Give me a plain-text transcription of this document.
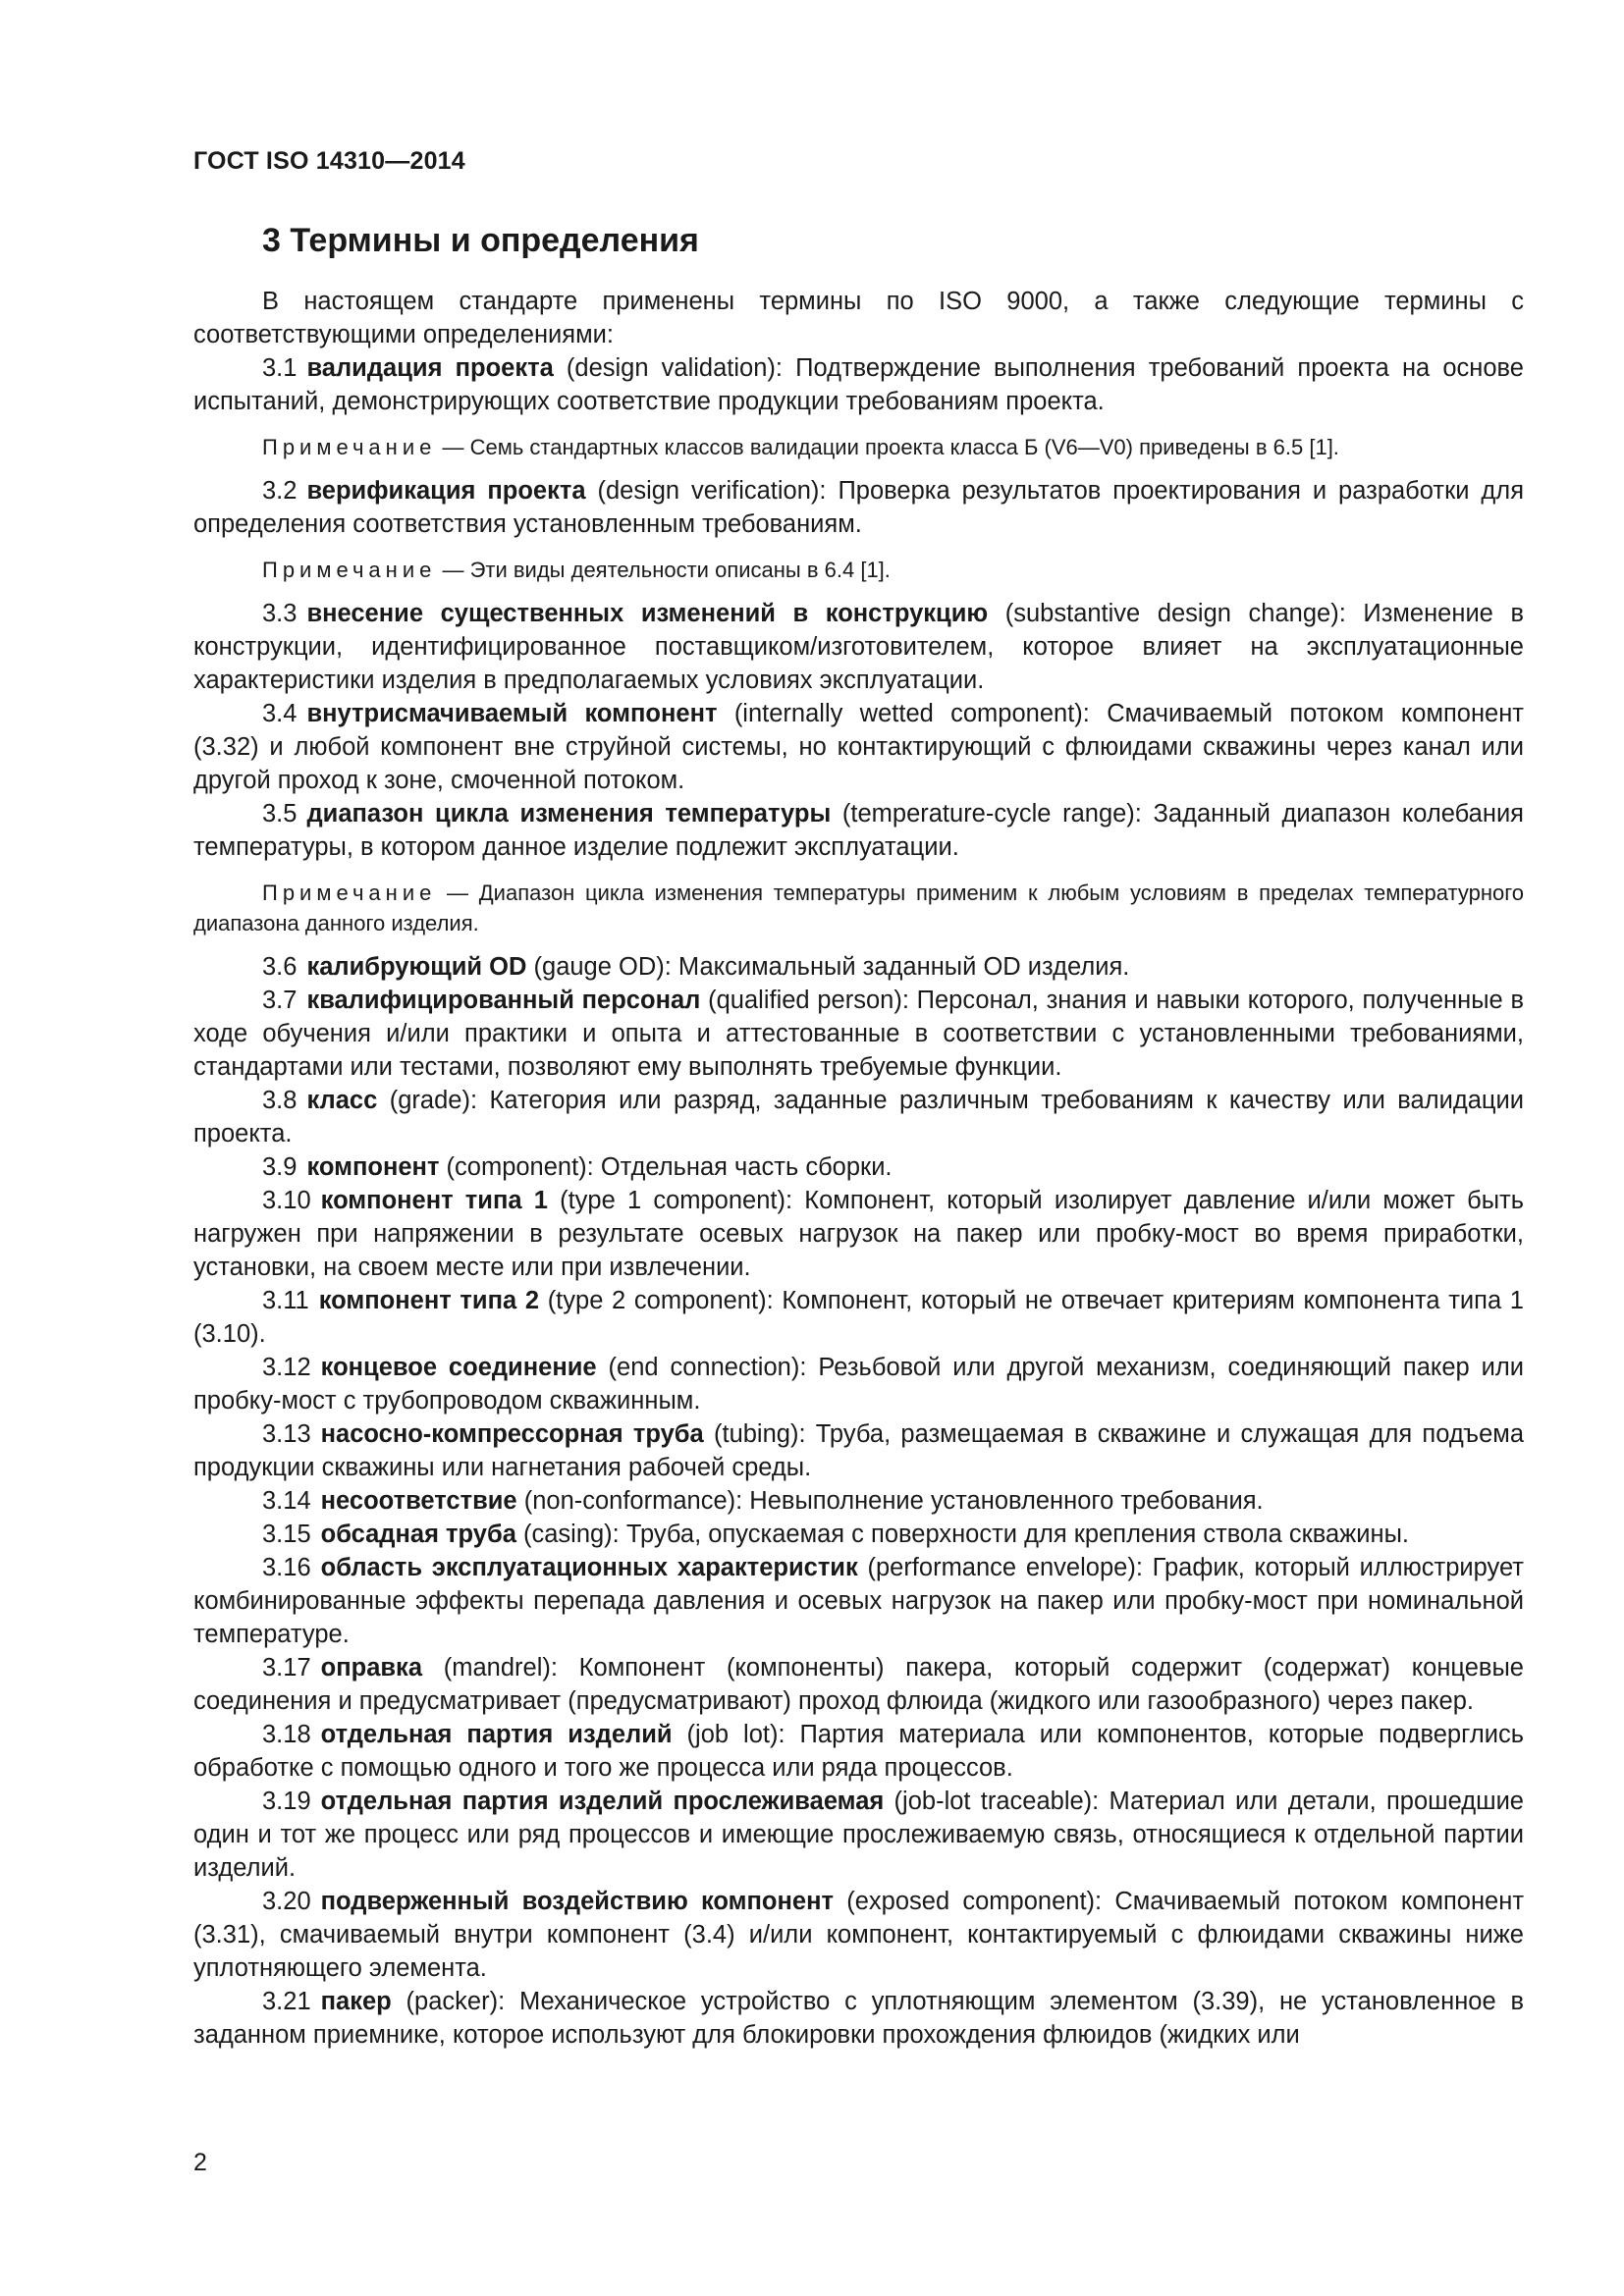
ГОСТ ISO 14310—2014
3 Термины и определения

В настоящем стандарте применены термины по ISO 9000, а также следующие термины с соответствующими определениями:

3.1 валидация проекта (design validation): Подтверждение выполнения требований проекта на основе испытаний, демонстрирующих соответствие продукции требованиям проекта.

Примечание — Семь стандартных классов валидации проекта класса Б (V6—V0) приведены в 6.5 [1].

3.2 верификация проекта (design verification): Проверка результатов проектирования и разработки для определения соответствия установленным требованиям.

Примечание — Эти виды деятельности описаны в 6.4 [1].

3.3 внесение существенных изменений в конструкцию (substantive design change): Изменение в конструкции, идентифицированное поставщиком/изготовителем, которое влияет на эксплуатационные характеристики изделия в предполагаемых условиях эксплуатации.

3.4 внутрисмачиваемый компонент (internally wetted component): Смачиваемый потоком компонент (3.32) и любой компонент вне струйной системы, но контактирующий с флюидами скважины через канал или другой проход к зоне, смоченной потоком.

3.5 диапазон цикла изменения температуры (temperature-cycle range): Заданный диапазон колебания температуры, в котором данное изделие подлежит эксплуатации.

Примечание — Диапазон цикла изменения температуры применим к любым условиям в пределах температурного диапазона данного изделия.

3.6 калибрующий OD (gauge OD): Максимальный заданный OD изделия.

3.7 квалифицированный персонал (qualified person): Персонал, знания и навыки которого, полученные в ходе обучения и/или практики и опыта и аттестованные в соответствии с установленными требованиями, стандартами или тестами, позволяют ему выполнять требуемые функции.

3.8 класс (grade): Категория или разряд, заданные различным требованиям к качеству или валидации проекта.

3.9 компонент (component): Отдельная часть сборки.

3.10 компонент типа 1 (type 1 component): Компонент, который изолирует давление и/или может быть нагружен при напряжении в результате осевых нагрузок на пакер или пробку-мост во время приработки, установки, на своем месте или при извлечении.

3.11 компонент типа 2 (type 2 component): Компонент, который не отвечает критериям компонента типа 1 (3.10).

3.12 концевое соединение (end connection): Резьбовой или другой механизм, соединяющий пакер или пробку-мост с трубопроводом скважинным.

3.13 насосно-компрессорная труба (tubing): Труба, размещаемая в скважине и служащая для подъема продукции скважины или нагнетания рабочей среды.

3.14 несоответствие (non-conformance): Невыполнение установленного требования.

3.15 обсадная труба (casing): Труба, опускаемая с поверхности для крепления ствола скважины.

3.16 область эксплуатационных характеристик (performance envelope): График, который иллюстрирует комбинированные эффекты перепада давления и осевых нагрузок на пакер или пробку-мост при номинальной температуре.

3.17 оправка (mandrel): Компонент (компоненты) пакера, который содержит (содержат) концевые соединения и предусматривает (предусматривают) проход флюида (жидкого или газообразного) через пакер.

3.18 отдельная партия изделий (job lot): Партия материала или компонентов, которые подверглись обработке с помощью одного и того же процесса или ряда процессов.

3.19 отдельная партия изделий прослеживаемая (job-lot traceable): Материал или детали, прошедшие один и тот же процесс или ряд процессов и имеющие прослеживаемую связь, относящиеся к отдельной партии изделий.

3.20 подверженный воздействию компонент (exposed component): Смачиваемый потоком компонент (3.31), смачиваемый внутри компонент (3.4) и/или компонент, контактируемый с флюидами скважины ниже уплотняющего элемента.

3.21 пакер (packer): Механическое устройство с уплотняющим элементом (3.39), не установленное в заданном приемнике, которое используют для блокировки прохождения флюидов (жидких или

2
